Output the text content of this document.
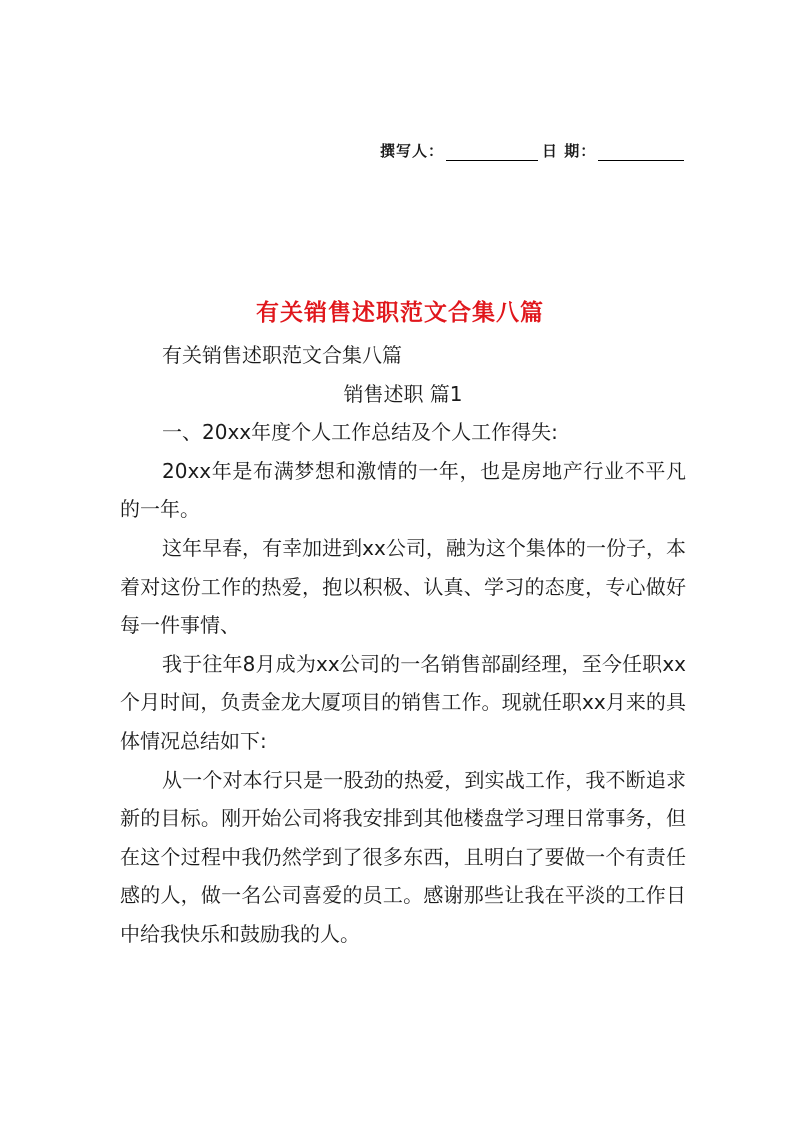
撰写人：	日 期：
有关销售述职范文合集八篇

有关销售述职范文合集八篇

销售述职 篇1

一、20xx年度个人工作总结及个人工作得失:

20xx年是布满梦想和激情的一年，也是房地产行业不平凡的一年。

这年早春，有幸加进到xx公司，融为这个集体的一份子，本着对这份工作的热爱，抱以积极、认真、学习的态度，专心做好每一件事情、

我于往年8月成为xx公司的一名销售部副经理，至今任职xx个月时间，负责金龙大厦项目的销售工作。现就任职xx月来的具体情况总结如下:

从一个对本行只是一股劲的热爱，到实战工作，我不断追求新的目标。刚开始公司将我安排到其他楼盘学习理日常事务，但在这个过程中我仍然学到了很多东西，且明白了要做一个有责任感的人，做一名公司喜爱的员工。感谢那些让我在平淡的工作日中给我快乐和鼓励我的人。
